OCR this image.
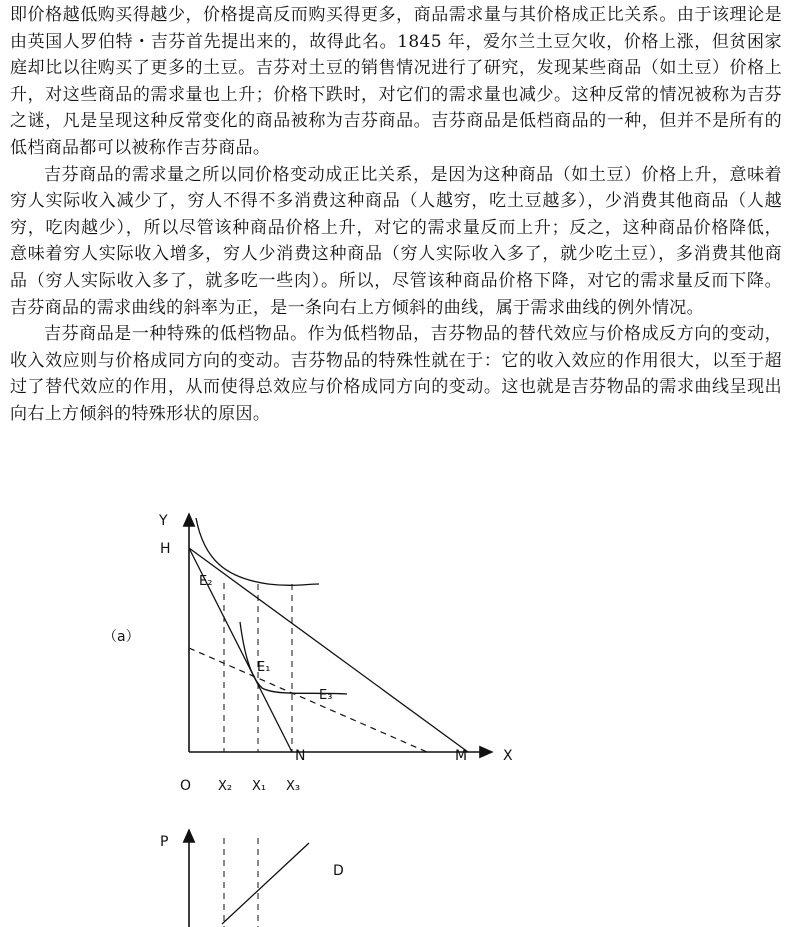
即价格越低购买得越少，价格提高反而购买得更多，商品需求量与其价格成正比关系。由于该理论是由英国人罗伯特・吉芬首先提出来的，故得此名。1845 年，爱尔兰土豆欠收，价格上涨，但贫困家庭却比以往购买了更多的土豆。吉芬对土豆的销售情况进行了研究，发现某些商品（如土豆）价格上升，对这些商品的需求量也上升；价格下跌时，对它们的需求量也减少。这种反常的情况被称为吉芬之谜，凡是呈现这种反常变化的商品被称为吉芬商品。吉芬商品是低档商品的一种，但并不是所有的低档商品都可以被称作吉芬商品。

吉芬商品的需求量之所以同价格变动成正比关系，是因为这种商品（如土豆）价格上升，意味着穷人实际收入减少了，穷人不得不多消费这种商品（人越穷，吃土豆越多），少消费其他商品（人越穷，吃肉越少），所以尽管该种商品价格上升，对它的需求量反而上升；反之，这种商品价格降低，意味着穷人实际收入增多，穷人少消费这种商品（穷人实际收入多了，就少吃土豆），多消费其他商品（穷人实际收入多了，就多吃一些肉）。所以，尽管该种商品价格下降，对它的需求量反而下降。吉芬商品的需求曲线的斜率为正，是一条向右上方倾斜的曲线，属于需求曲线的例外情况。

吉芬商品是一种特殊的低档物品。作为低档物品，吉芬物品的替代效应与价格成反方向的变动，收入效应则与价格成同方向的变动。吉芬物品的特殊性就在于：它的收入效应的作用很大，以至于超过了替代效应的作用，从而使得总效应与价格成同方向的变动。这也就是吉芬物品的需求曲线呈现出向右上方倾斜的特殊形状的原因。

Y
H
E₂
E₁
E₃
（a）
N	M	X
O X₂ X₁ X₃
P
D
